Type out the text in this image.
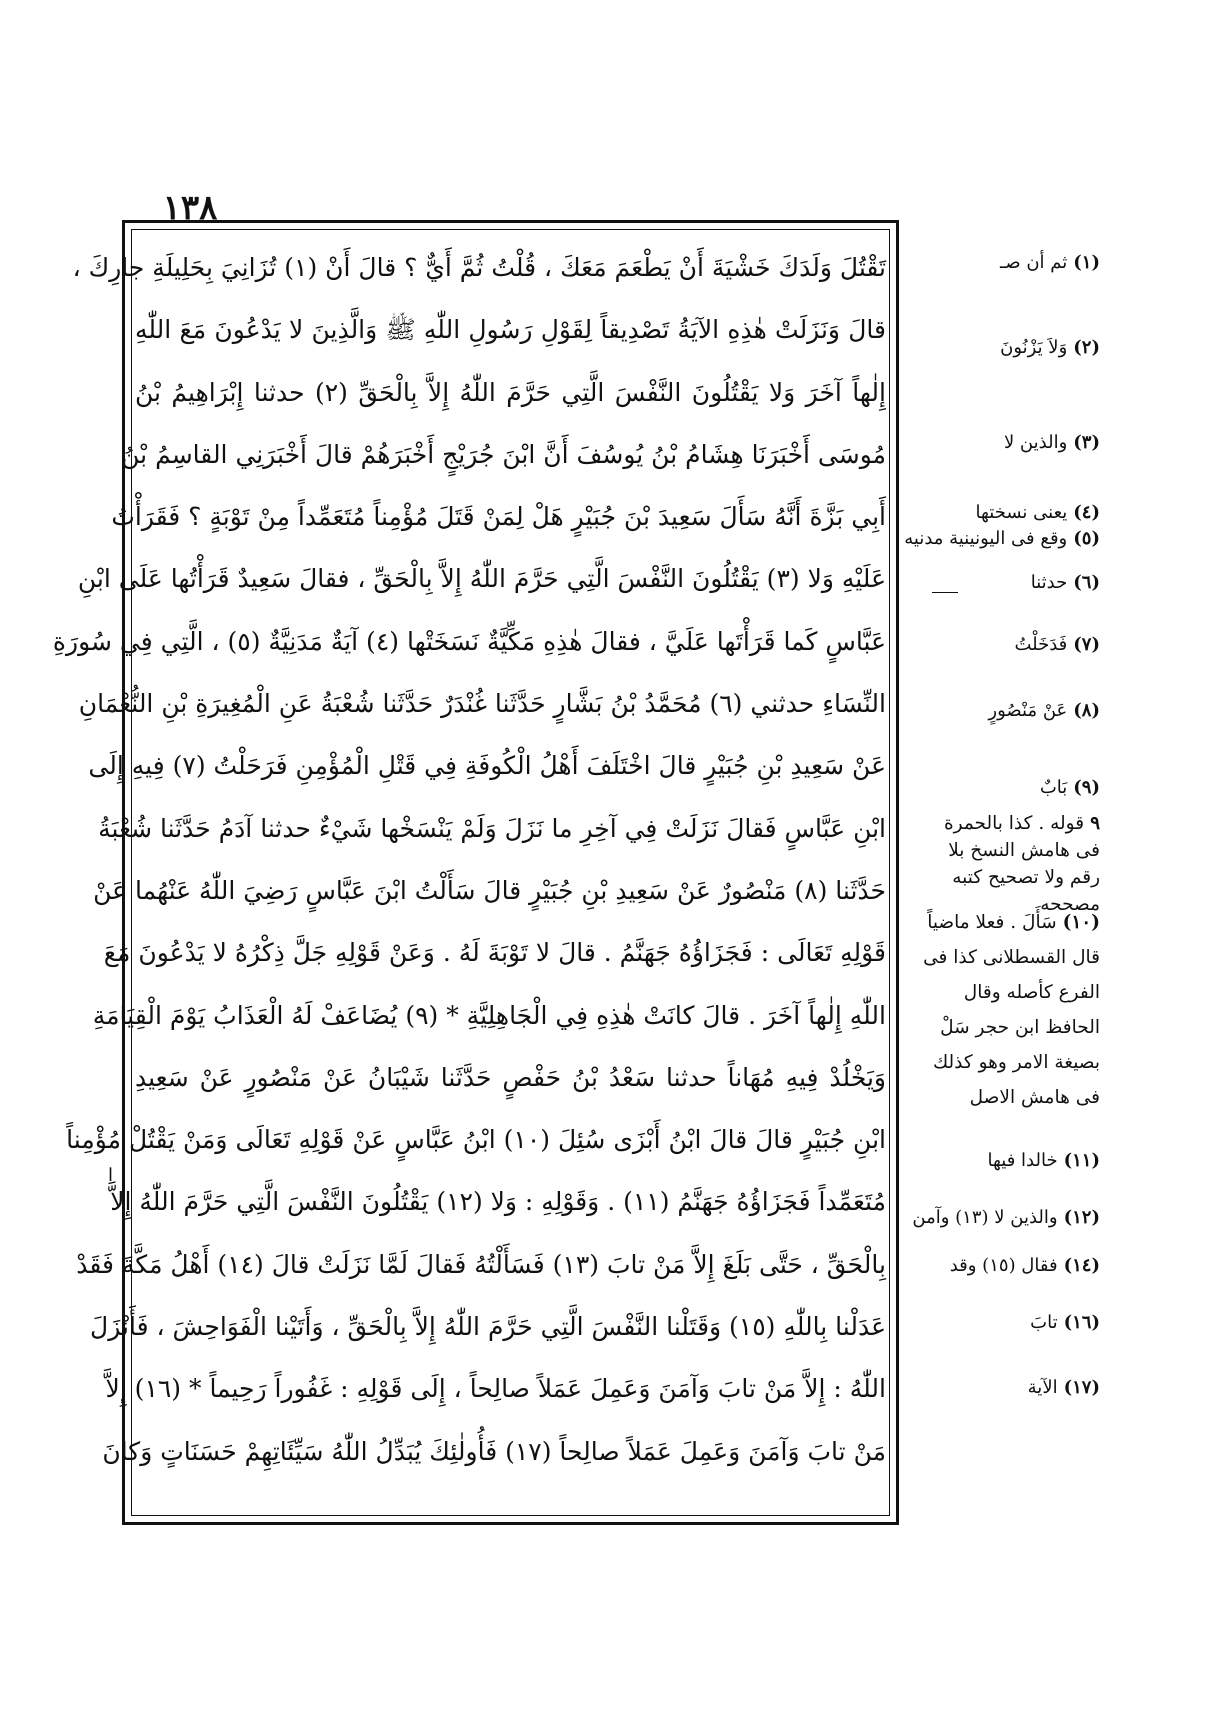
١٣٨
تَقْتُلَ وَلَدَكَ خَشْيَةَ أَنْ يَطْعَمَ مَعَكَ ، قُلْتُ ثُمَّ أَيٌّ ؟ قالَ أَنْ (١) تُزَانِيَ بِحَلِيلَةِ جارِكَ ،
قالَ وَنَزَلَتْ هٰذِهِ الآيَةُ تَصْدِيقاً لِقَوْلِ رَسُولِ اللّٰهِ ﷺ وَالَّذِينَ لا يَدْعُونَ مَعَ اللّٰهِ
إِلٰهاً آخَرَ وَلا يَقْتُلُونَ النَّفْسَ الَّتِي حَرَّمَ اللّٰهُ إِلاَّ بِالْحَقِّ (٢) حدثنا إِبْرَاهِيمُ بْنُ
مُوسَى أَخْبَرَنَا هِشَامُ بْنُ يُوسُفَ أَنَّ ابْنَ جُرَيْجٍ أَخْبَرَهُمْ قالَ أَخْبَرَنِي القاسِمُ بْنُ
أَبِي بَزَّةَ أَنَّهُ سَأَلَ سَعِيدَ بْنَ جُبَيْرٍ هَلْ لِمَنْ قَتَلَ مُؤْمِناً مُتَعَمِّداً مِنْ تَوْبَةٍ ؟ فَقَرَأْتُ
عَلَيْهِ وَلا (٣) يَقْتُلُونَ النَّفْسَ الَّتِي حَرَّمَ اللّٰهُ إِلاَّ بِالْحَقِّ ، فقالَ سَعِيدٌ قَرَأْتُها عَلَى ابْنِ
عَبَّاسٍ كَما قَرَأْتَها عَلَيَّ ، فقالَ هٰذِهِ مَكِّيَّةٌ نَسَخَتْها (٤) آيَةٌ مَدَنِيَّةٌ (٥) ، الَّتِي فِي سُورَةِ
النِّسَاءِ حدثني (٦) مُحَمَّدُ بْنُ بَشَّارٍ حَدَّثَنا غُنْدَرٌ حَدَّثَنا شُعْبَةُ عَنِ الْمُغِيرَةِ بْنِ النُّعْمَانِ
عَنْ سَعِيدِ بْنِ جُبَيْرٍ قالَ اخْتَلَفَ أَهْلُ الْكُوفَةِ فِي قَتْلِ الْمُؤْمِنِ فَرَحَلْتُ (٧) فِيهِ إِلَى
ابْنِ عَبَّاسٍ فَقالَ نَزَلَتْ فِي آخِرِ ما نَزَلَ وَلَمْ يَنْسَخْها شَيْءٌ حدثنا آدَمُ حَدَّثَنا شُعْبَةُ
حَدَّثَنا (٨) مَنْصُورٌ عَنْ سَعِيدِ بْنِ جُبَيْرٍ قالَ سَأَلْتُ ابْنَ عَبَّاسٍ رَضِيَ اللّٰهُ عَنْهُما عَنْ
قَوْلِهِ تَعَالَى : فَجَزَاؤُهُ جَهَنَّمُ . قالَ لا تَوْبَةَ لَهُ . وَعَنْ قَوْلِهِ جَلَّ ذِكْرُهُ لا يَدْعُونَ مَعَ
اللّٰهِ إِلٰهاً آخَرَ . قالَ كانَتْ هٰذِهِ فِي الْجَاهِلِيَّةِ * (٩) يُضَاعَفْ لَهُ الْعَذَابُ يَوْمَ الْقِيَامَةِ
وَيَخْلُدْ فِيهِ مُهَاناً حدثنا سَعْدُ بْنُ حَفْصٍ حَدَّثَنا شَيْبَانُ عَنْ مَنْصُورٍ عَنْ سَعِيدِ
ابْنِ جُبَيْرٍ قالَ قالَ ابْنُ أَبْزَى سُئِلَ (١٠) ابْنُ عَبَّاسٍ عَنْ قَوْلِهِ تَعَالَى وَمَنْ يَقْتُلْ مُؤْمِناً
مُتَعَمِّداً فَجَزَاؤُهُ جَهَنَّمُ (١١) . وَقَوْلِهِ : وَلا (١٢) يَقْتُلُونَ النَّفْسَ الَّتِي حَرَّمَ اللّٰهُ إِلاَّ
بِالْحَقِّ ، حَتَّى بَلَغَ إِلاَّ مَنْ تابَ (١٣) فَسَأَلْتُهُ فَقالَ لَمَّا نَزَلَتْ قالَ (١٤) أَهْلُ مَكَّةَ فَقَدْ
عَدَلْنا بِاللّٰهِ (١٥) وَقَتَلْنا النَّفْسَ الَّتِي حَرَّمَ اللّٰهُ إِلاَّ بِالْحَقِّ ، وَأَتَيْنا الْفَوَاحِشَ ، فَأَنْزَلَ
اللّٰهُ : إِلاَّ مَنْ تابَ وَآمَنَ وَعَمِلَ عَمَلاً صالِحاً ، إِلَى قَوْلِهِ : غَفُوراً رَحِيماً * (١٦) إِلاَّ
مَنْ تابَ وَآمَنَ وَعَمِلَ عَمَلاً صالِحاً (١٧) فَأُولٰئِكَ يُبَدِّلُ اللّٰهُ سَيِّئَاتِهِمْ حَسَنَاتٍ وَكانَ
ا
(١)ثم أن صـ
(٢)وَلاَ يَزْنُونَ
(٣)والذين لا
(٤)يعنى نسختها
(٥)وقع فى اليونينية مدنيه
(٦)حدثنا
(٧)فَدَخَلْتُ
(٨)عَنْ مَنْصُورٍ
(٩)بَابٌ
٩قوله . كذا بالحمرة فى هامش النسخ بلا رقم ولا تصحيح كتبه مصححه
(١٠)سَأَلَ . فعلا ماضياً قال القسطلانى كذا فى الفرع كأصله وقال الحافظ ابن حجر سَلْ بصيغة الامر وهو كذلك فى هامش الاصل
(١١)خالدا فيها
(١٢)والذين لا (١٣) وآمن
(١٤)فقال (١٥) وقد
(١٦)تابَ
(١٧)الآية
